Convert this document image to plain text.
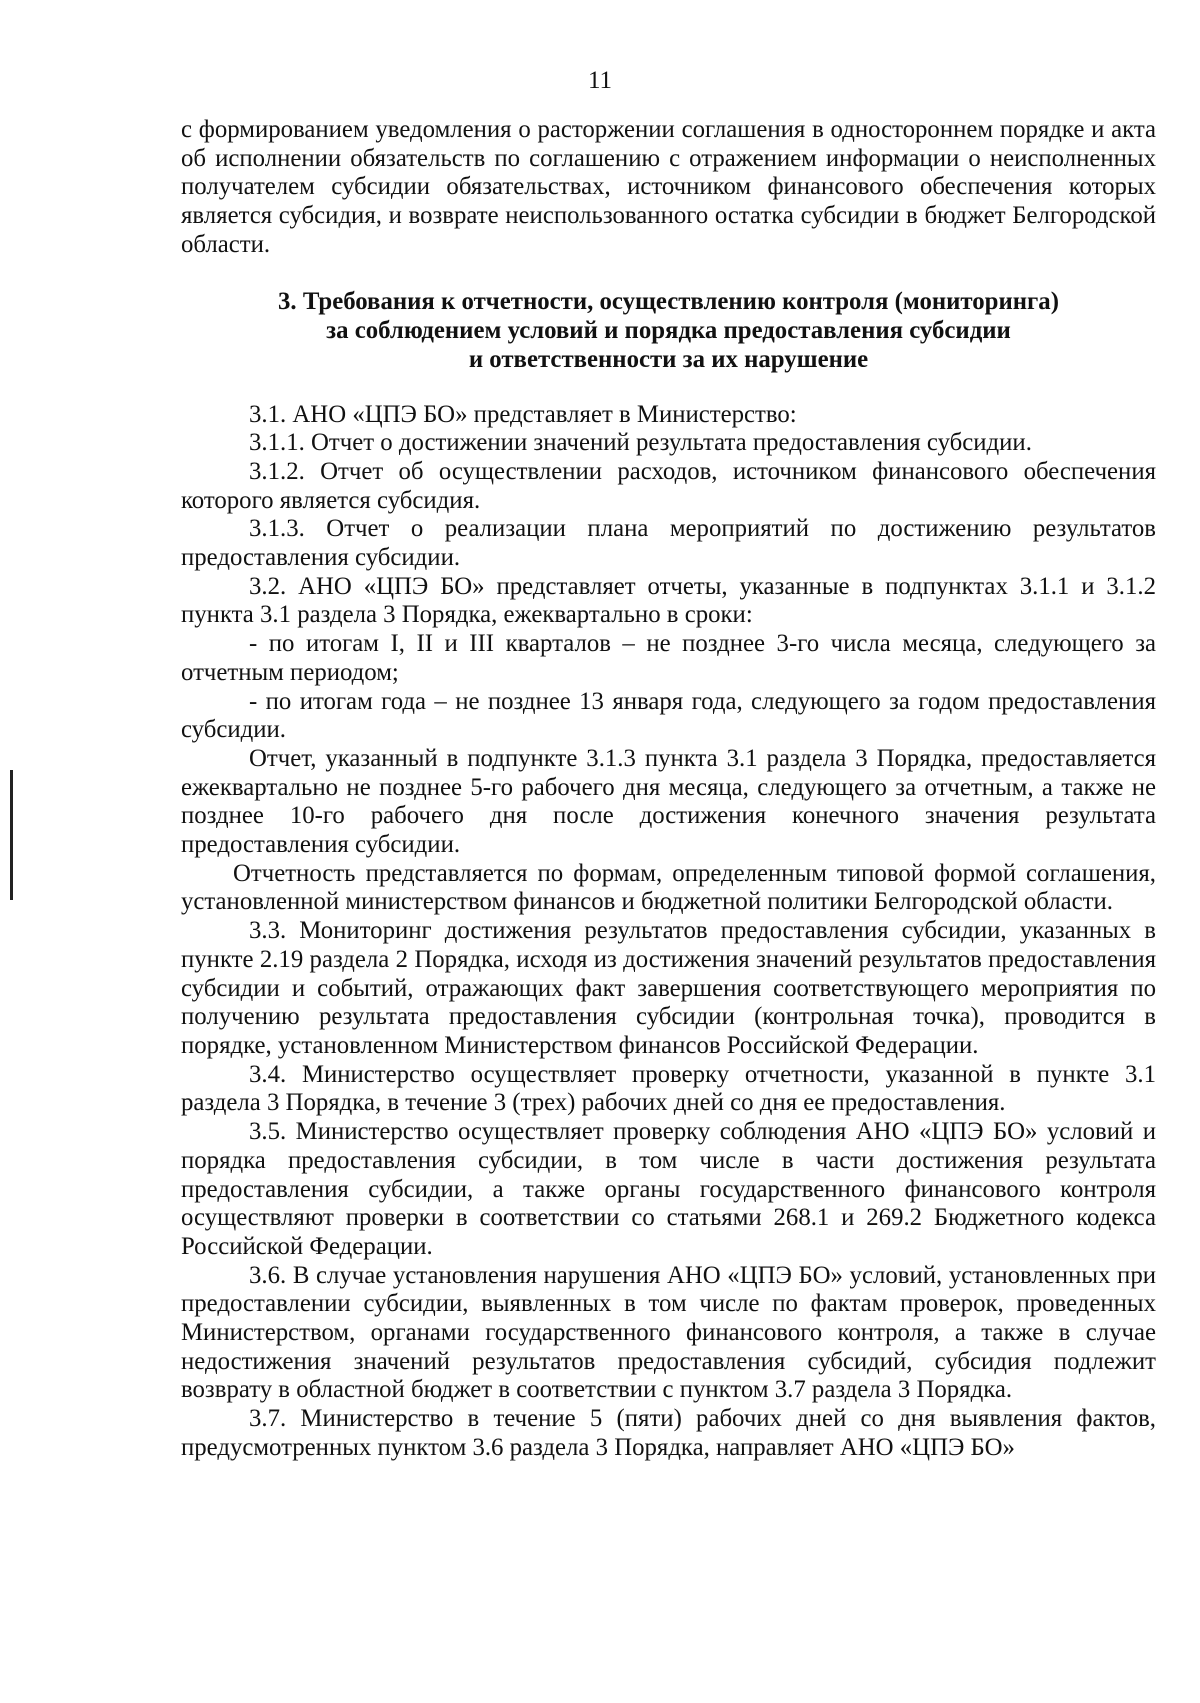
11

с формированием уведомления о расторжении соглашения в одностороннем порядке и акта об исполнении обязательств по соглашению с отражением информации о неисполненных получателем субсидии обязательствах, источником финансового обеспечения которых является субсидия, и возврате неиспользованного остатка субсидии в бюджет Белгородской области.

3. Требования к отчетности, осуществлению контроля (мониторинга)
за соблюдением условий и порядка предоставления субсидии
и ответственности за их нарушение

3.1. АНО «ЦПЭ БО» представляет в Министерство:

3.1.1. Отчет о достижении значений результата предоставления субсидии.

3.1.2. Отчет об осуществлении расходов, источником финансового обеспечения которого является субсидия.

3.1.3. Отчет о реализации плана мероприятий по достижению результатов предоставления субсидии.

3.2. АНО «ЦПЭ БО» представляет отчеты, указанные в подпунктах 3.1.1 и 3.1.2 пункта 3.1 раздела 3 Порядка, ежеквартально в сроки:

- по итогам I, II и III кварталов – не позднее 3-го числа месяца, следующего за отчетным периодом;

- по итогам года – не позднее 13 января года, следующего за годом предоставления субсидии.

Отчет, указанный в подпункте 3.1.3 пункта 3.1 раздела 3 Порядка, предоставляется ежеквартально не позднее 5-го рабочего дня месяца, следующего за отчетным, а также не позднее 10-го рабочего дня после достижения конечного значения результата предоставления субсидии.

Отчетность представляется по формам, определенным типовой формой соглашения, установленной министерством финансов и бюджетной политики Белгородской области.

3.3. Мониторинг достижения результатов предоставления субсидии, указанных в пункте 2.19 раздела 2 Порядка, исходя из достижения значений результатов предоставления субсидии и событий, отражающих факт завершения соответствующего мероприятия по получению результата предоставления субсидии (контрольная точка), проводится в порядке, установленном Министерством финансов Российской Федерации.

3.4. Министерство осуществляет проверку отчетности, указанной в пункте 3.1 раздела 3 Порядка, в течение 3 (трех) рабочих дней со дня ее предоставления.

3.5. Министерство осуществляет проверку соблюдения АНО «ЦПЭ БО» условий и порядка предоставления субсидии, в том числе в части достижения результата предоставления субсидии, а также органы государственного финансового контроля осуществляют проверки в соответствии со статьями 268.1 и 269.2 Бюджетного кодекса Российской Федерации.

3.6. В случае установления нарушения АНО «ЦПЭ БО» условий, установленных при предоставлении субсидии, выявленных в том числе по фактам проверок, проведенных Министерством, органами государственного финансового контроля, а также в случае недостижения значений результатов предоставления субсидий, субсидия подлежит возврату в областной бюджет в соответствии с пунктом 3.7 раздела 3 Порядка.

3.7. Министерство в течение 5 (пяти) рабочих дней со дня выявления фактов, предусмотренных пунктом 3.6 раздела 3 Порядка, направляет АНО «ЦПЭ БО»
